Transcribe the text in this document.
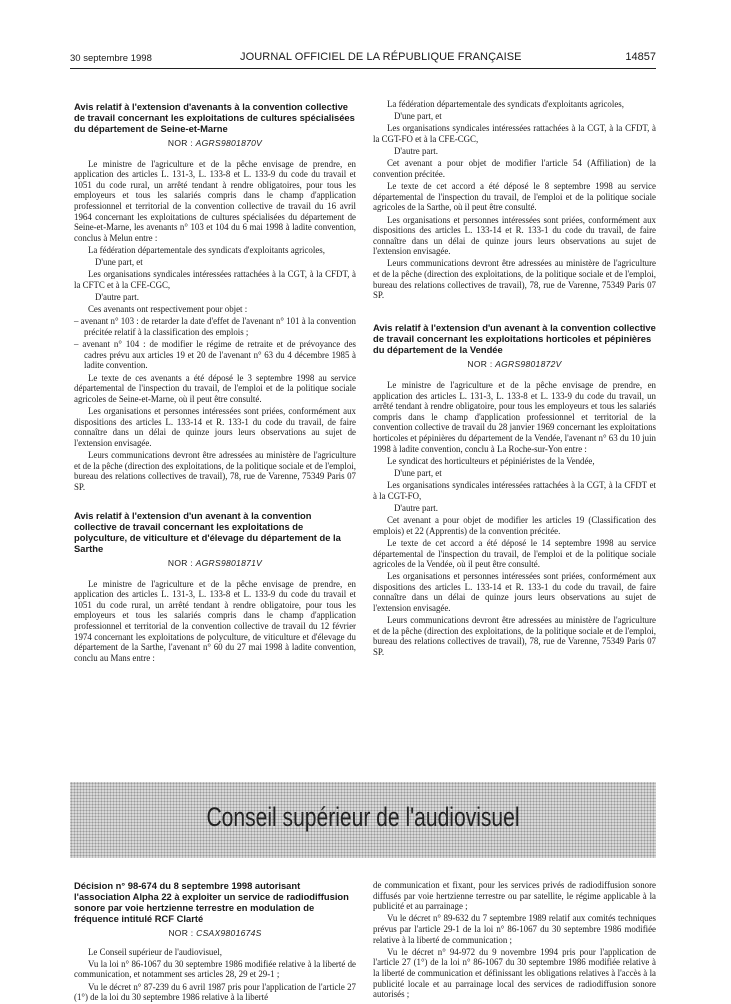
30 septembre 1998	JOURNAL OFFICIEL DE LA RÉPUBLIQUE FRANÇAISE	14857
Avis relatif à l'extension d'avenants à la convention collective de travail concernant les exploitations de cultures spécialisées du département de Seine-et-Marne
NOR : AGRS9801870V

Le ministre de l'agriculture et de la pêche envisage de prendre, en application des articles L. 131-3, L. 133-8 et L. 133-9 du code du travail et 1051 du code rural, un arrêté tendant à rendre obligatoires, pour tous les employeurs et tous les salariés compris dans le champ d'application professionnel et territorial de la convention collective de travail du 16 avril 1964 concernant les exploitations de cultures spécialisées du département de Seine-et-Marne, les avenants n° 103 et 104 du 6 mai 1998 à ladite convention, conclus à Melun entre :

La fédération départementale des syndicats d'exploitants agricoles,

D'une part, et

Les organisations syndicales intéressées rattachées à la CGT, à la CFDT, à la CFTC et à la CFE-CGC,

D'autre part.

Ces avenants ont respectivement pour objet :

– avenant n° 103 : de retarder la date d'effet de l'avenant n° 101 à la convention précitée relatif à la classification des emplois ;

– avenant n° 104 : de modifier le régime de retraite et de prévoyance des cadres prévu aux articles 19 et 20 de l'avenant n° 63 du 4 décembre 1985 à ladite convention.

Le texte de ces avenants a été déposé le 3 septembre 1998 au service départemental de l'inspection du travail, de l'emploi et de la politique sociale agricoles de Seine-et-Marne, où il peut être consulté.

Les organisations et personnes intéressées sont priées, conformément aux dispositions des articles L. 133-14 et R. 133-1 du code du travail, de faire connaître dans un délai de quinze jours leurs observations au sujet de l'extension envisagée.

Leurs communications devront être adressées au ministère de l'agriculture et de la pêche (direction des exploitations, de la politique sociale et de l'emploi, bureau des relations collectives de travail), 78, rue de Varenne, 75349 Paris 07 SP.

Avis relatif à l'extension d'un avenant à la convention collective de travail concernant les exploitations de polyculture, de viticulture et d'élevage du département de la Sarthe
NOR : AGRS9801871V

Le ministre de l'agriculture et de la pêche envisage de prendre, en application des articles L. 131-3, L. 133-8 et L. 133-9 du code du travail et 1051 du code rural, un arrêté tendant à rendre obligatoire, pour tous les employeurs et tous les salariés compris dans le champ d'application professionnel et territorial de la convention collective de travail du 12 février 1974 concernant les exploitations de polyculture, de viticulture et d'élevage du département de la Sarthe, l'avenant n° 60 du 27 mai 1998 à ladite convention, conclu au Mans entre :

La fédération départementale des syndicats d'exploitants agricoles,

D'une part, et

Les organisations syndicales intéressées rattachées à la CGT, à la CFDT, à la CGT-FO et à la CFE-CGC,

D'autre part.

Cet avenant a pour objet de modifier l'article 54 (Affiliation) de la convention précitée.

Le texte de cet accord a été déposé le 8 septembre 1998 au service départemental de l'inspection du travail, de l'emploi et de la politique sociale agricoles de la Sarthe, où il peut être consulté.

Les organisations et personnes intéressées sont priées, conformément aux dispositions des articles L. 133-14 et R. 133-1 du code du travail, de faire connaître dans un délai de quinze jours leurs observations au sujet de l'extension envisagée.

Leurs communications devront être adressées au ministère de l'agriculture et de la pêche (direction des exploitations, de la politique sociale et de l'emploi, bureau des relations collectives de travail), 78, rue de Varenne, 75349 Paris 07 SP.

Avis relatif à l'extension d'un avenant à la convention collective de travail concernant les exploitations horticoles et pépinières du département de la Vendée
NOR : AGRS9801872V

Le ministre de l'agriculture et de la pêche envisage de prendre, en application des articles L. 131-3, L. 133-8 et L. 133-9 du code du travail, un arrêté tendant à rendre obligatoire, pour tous les employeurs et tous les salariés compris dans le champ d'application professionnel et territorial de la convention collective de travail du 28 janvier 1969 concernant les exploitations horticoles et pépinières du département de la Vendée, l'avenant n° 63 du 10 juin 1998 à ladite convention, conclu à La Roche-sur-Yon entre :

Le syndicat des horticulteurs et pépiniéristes de la Vendée,

D'une part, et

Les organisations syndicales intéressées rattachées à la CGT, à la CFDT et à la CGT-FO,

D'autre part.

Cet avenant a pour objet de modifier les articles 19 (Classification des emplois) et 22 (Apprentis) de la convention précitée.

Le texte de cet accord a été déposé le 14 septembre 1998 au service départemental de l'inspection du travail, de l'emploi et de la politique sociale agricoles de la Vendée, où il peut être consulté.

Les organisations et personnes intéressées sont priées, conformément aux dispositions des articles L. 133-14 et R. 133-1 du code du travail, de faire connaître dans un délai de quinze jours leurs observations au sujet de l'extension envisagée.

Leurs communications devront être adressées au ministère de l'agriculture et de la pêche (direction des exploitations, de la politique sociale et de l'emploi, bureau des relations collectives de travail), 78, rue de Varenne, 75349 Paris 07 SP.

Conseil supérieur de l'audiovisuel
Décision n° 98-674 du 8 septembre 1998 autorisant l'association Alpha 22 à exploiter un service de radiodiffusion sonore par voie hertzienne terrestre en modulation de fréquence intitulé RCF Clarté
NOR : CSAX9801674S

Le Conseil supérieur de l'audiovisuel,

Vu la loi n° 86-1067 du 30 septembre 1986 modifiée relative à la liberté de communication, et notamment ses articles 28, 29 et 29-1 ;

Vu le décret n° 87-239 du 6 avril 1987 pris pour l'application de l'article 27 (1°) de la loi du 30 septembre 1986 relative à la liberté

de communication et fixant, pour les services privés de radiodiffusion sonore diffusés par voie hertzienne terrestre ou par satellite, le régime applicable à la publicité et au parrainage ;

Vu le décret n° 89-632 du 7 septembre 1989 relatif aux comités techniques prévus par l'article 29-1 de la loi n° 86-1067 du 30 septembre 1986 modifiée relative à la liberté de communication ;

Vu le décret n° 94-972 du 9 novembre 1994 pris pour l'application de l'article 27 (1°) de la loi n° 86-1067 du 30 septembre 1986 modifiée relative à la liberté de communication et définissant les obligations relatives à l'accès à la publicité locale et au parrainage local des services de radiodiffusion sonore autorisés ;
